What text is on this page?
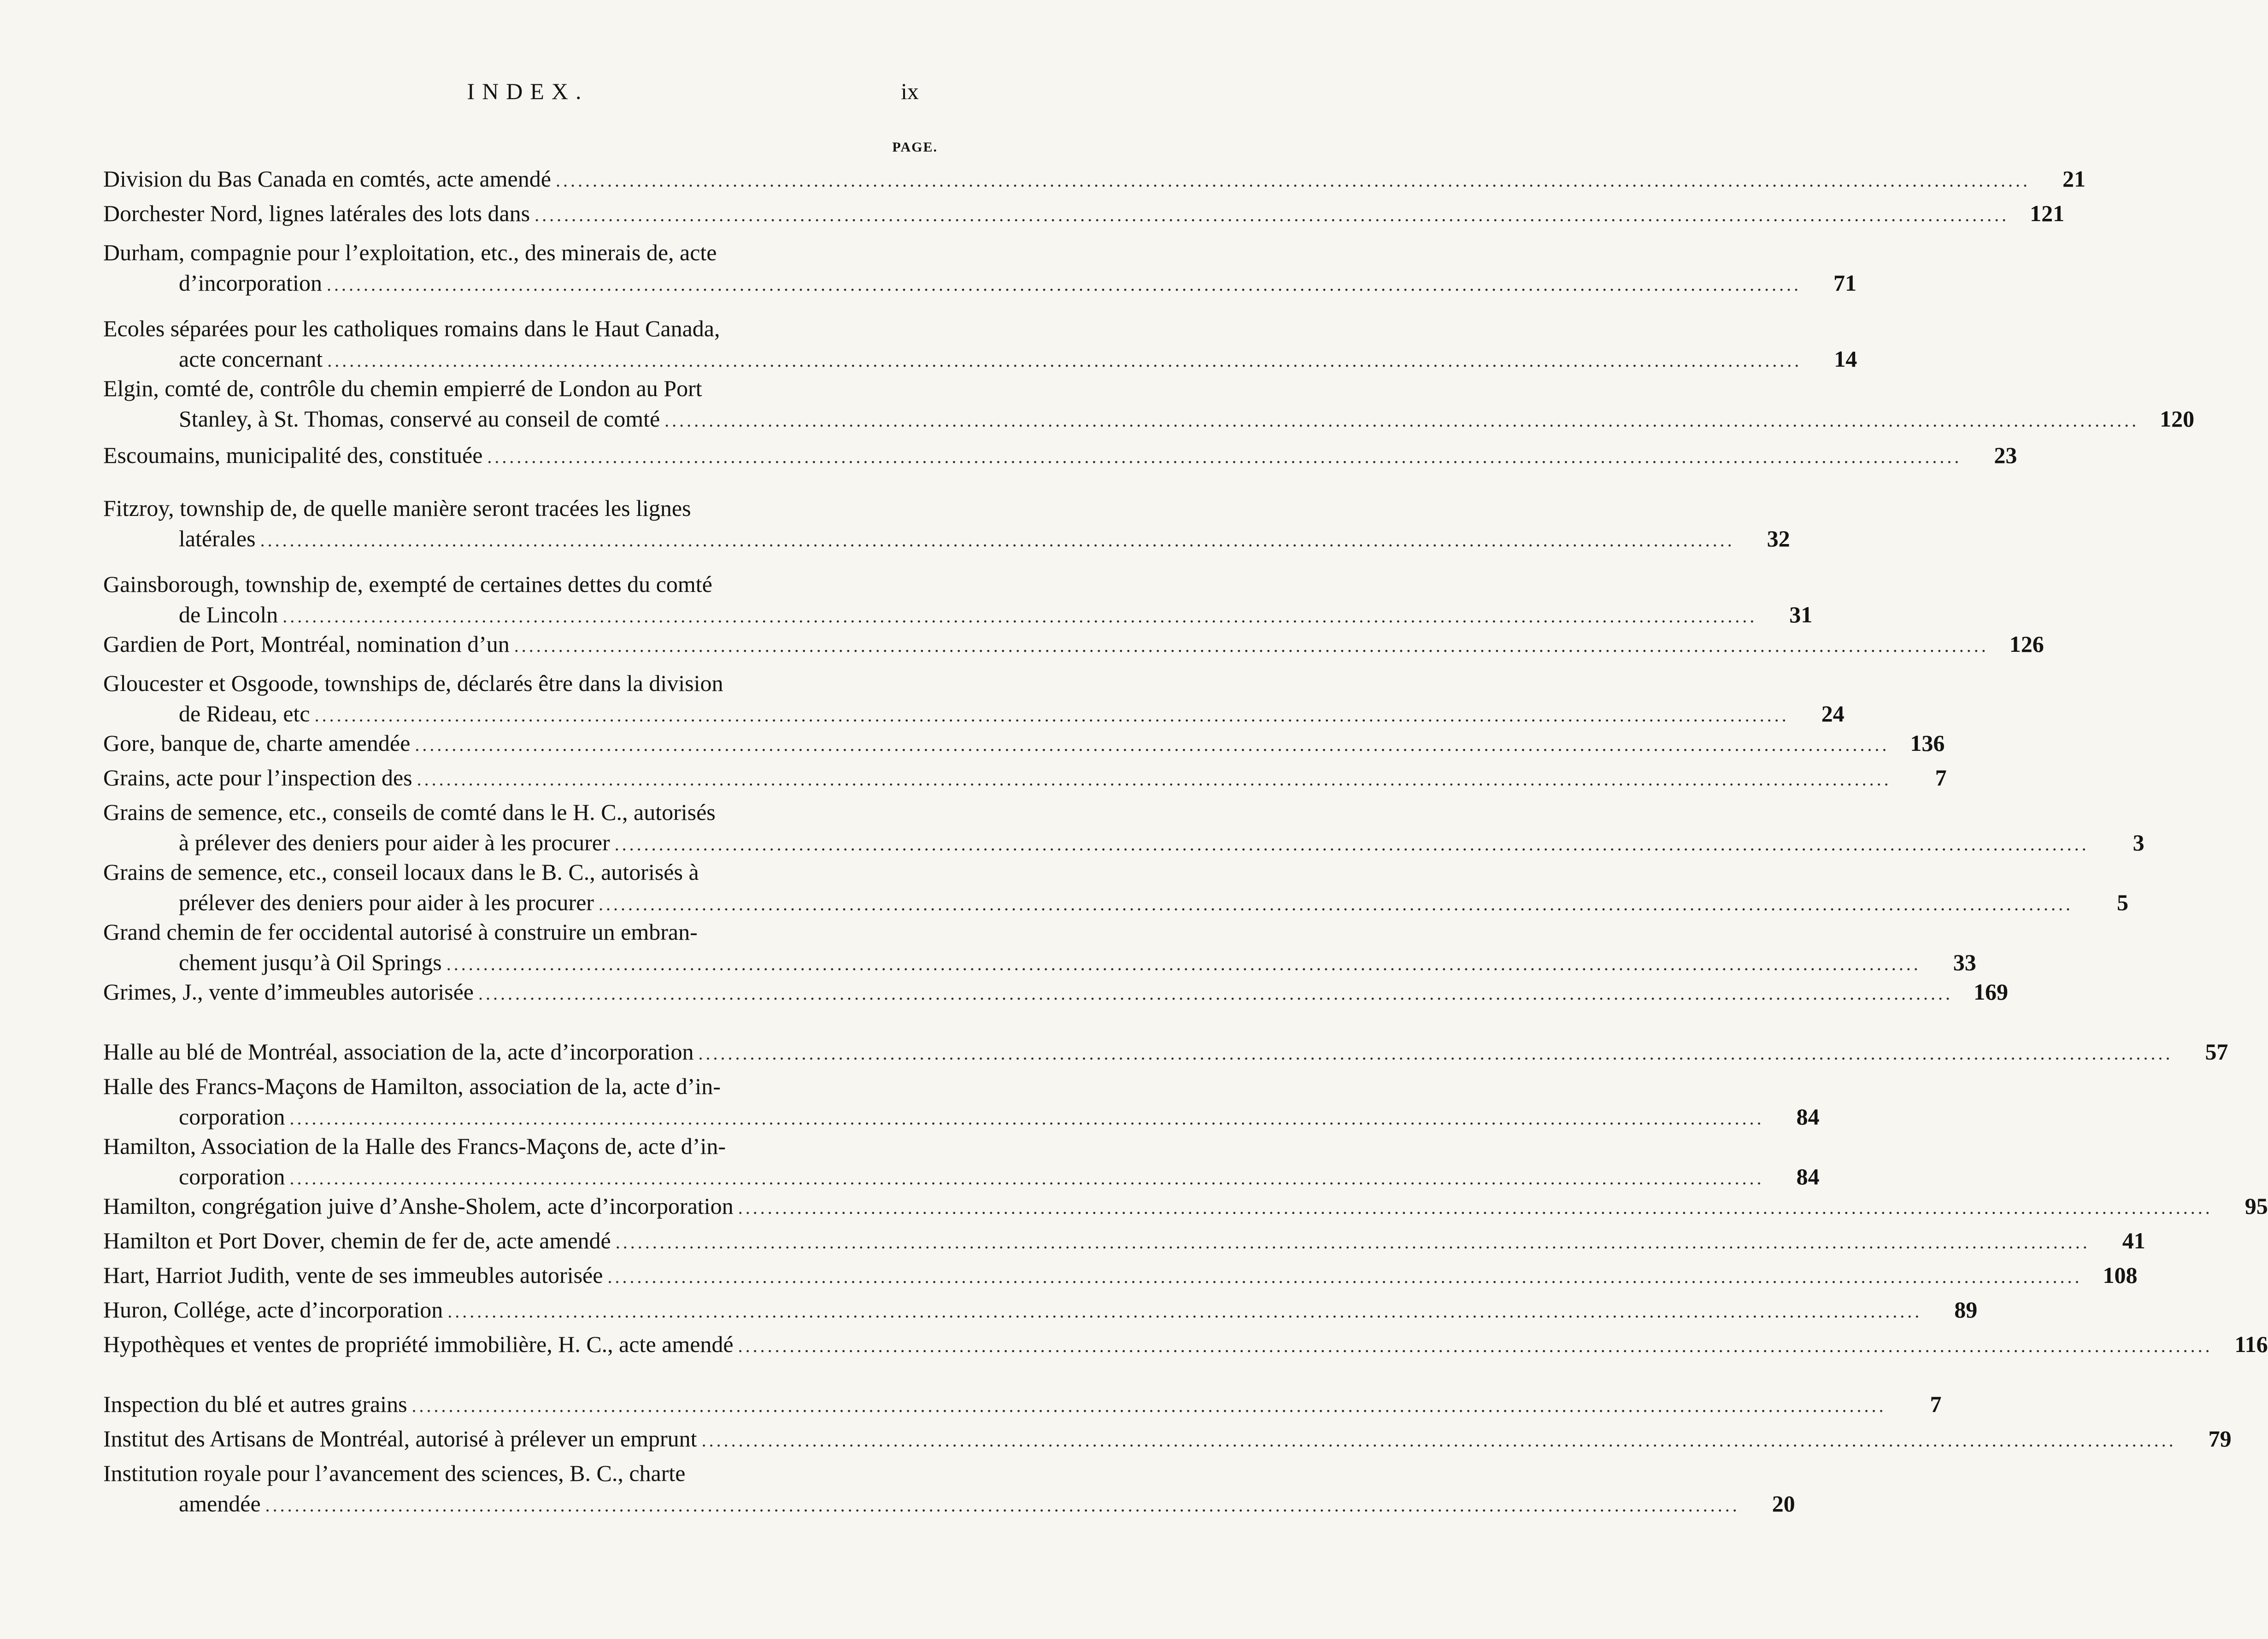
INDEX.	ix
PAGE.
Division du Bas Canada en comtés, acte amendé ........................................................................................................................................................................................................	21
Dorchester Nord, lignes latérales des lots dans ........................................................................................................................................................................................................ 121
Durham, compagnie pour l’exploitation, etc., des minerais de, acte
d’incorporation ........................................................................................................................................................................................................	71
Ecoles séparées pour les catholiques romains dans le Haut Canada,
acte concernant ........................................................................................................................................................................................................	14
Elgin, comté de, contrôle du chemin empierré de London au Port
Stanley, à St. Thomas, conservé au conseil de comté ........................................................................................................................................................................................................ 120
Escoumains, municipalité des, constituée ........................................................................................................................................................................................................	23
Fitzroy, township de, de quelle manière seront tracées les lignes
latérales ........................................................................................................................................................................................................	32
Gainsborough, township de, exempté de certaines dettes du comté
de Lincoln ........................................................................................................................................................................................................	31
Gardien de Port, Montréal, nomination d’un ........................................................................................................................................................................................................ 126
Gloucester et Osgoode, townships de, déclarés être dans la division
de Rideau, etc ........................................................................................................................................................................................................	24
Gore, banque de, charte amendée ........................................................................................................................................................................................................ 136
Grains, acte pour l’inspection des ........................................................................................................................................................................................................	7
Grains de semence, etc., conseils de comté dans le H. C., autorisés
à prélever des deniers pour aider à les procurer ........................................................................................................................................................................................................	3
Grains de semence, etc., conseil locaux dans le B. C., autorisés à
prélever des deniers pour aider à les procurer ........................................................................................................................................................................................................	5
Grand chemin de fer occidental autorisé à construire un embran-
chement jusqu’à Oil Springs ........................................................................................................................................................................................................	33
Grimes, J., vente d’immeubles autorisée ........................................................................................................................................................................................................ 169
Halle au blé de Montréal, association de la, acte d’incorporation ........................................................................................................................................................................................................	57
Halle des Francs-Maçons de Hamilton, association de la, acte d’in-
corporation ........................................................................................................................................................................................................	84
Hamilton, Association de la Halle des Francs-Maçons de, acte d’in-
corporation ........................................................................................................................................................................................................	84
Hamilton, congrégation juive d’Anshe-Sholem, acte d’incorporation ........................................................................................................................................................................................................	95
Hamilton et Port Dover, chemin de fer de, acte amendé ........................................................................................................................................................................................................	41
Hart, Harriot Judith, vente de ses immeubles autorisée ........................................................................................................................................................................................................ 108
Huron, Collége, acte d’incorporation ........................................................................................................................................................................................................	89
Hypothèques et ventes de propriété immobilière, H. C., acte amendé ........................................................................................................................................................................................................ 116
Inspection du blé et autres grains ........................................................................................................................................................................................................	7
Institut des Artisans de Montréal, autorisé à prélever un emprunt ........................................................................................................................................................................................................	79
Institution royale pour l’avancement des sciences, B. C., charte
amendée ........................................................................................................................................................................................................	20
